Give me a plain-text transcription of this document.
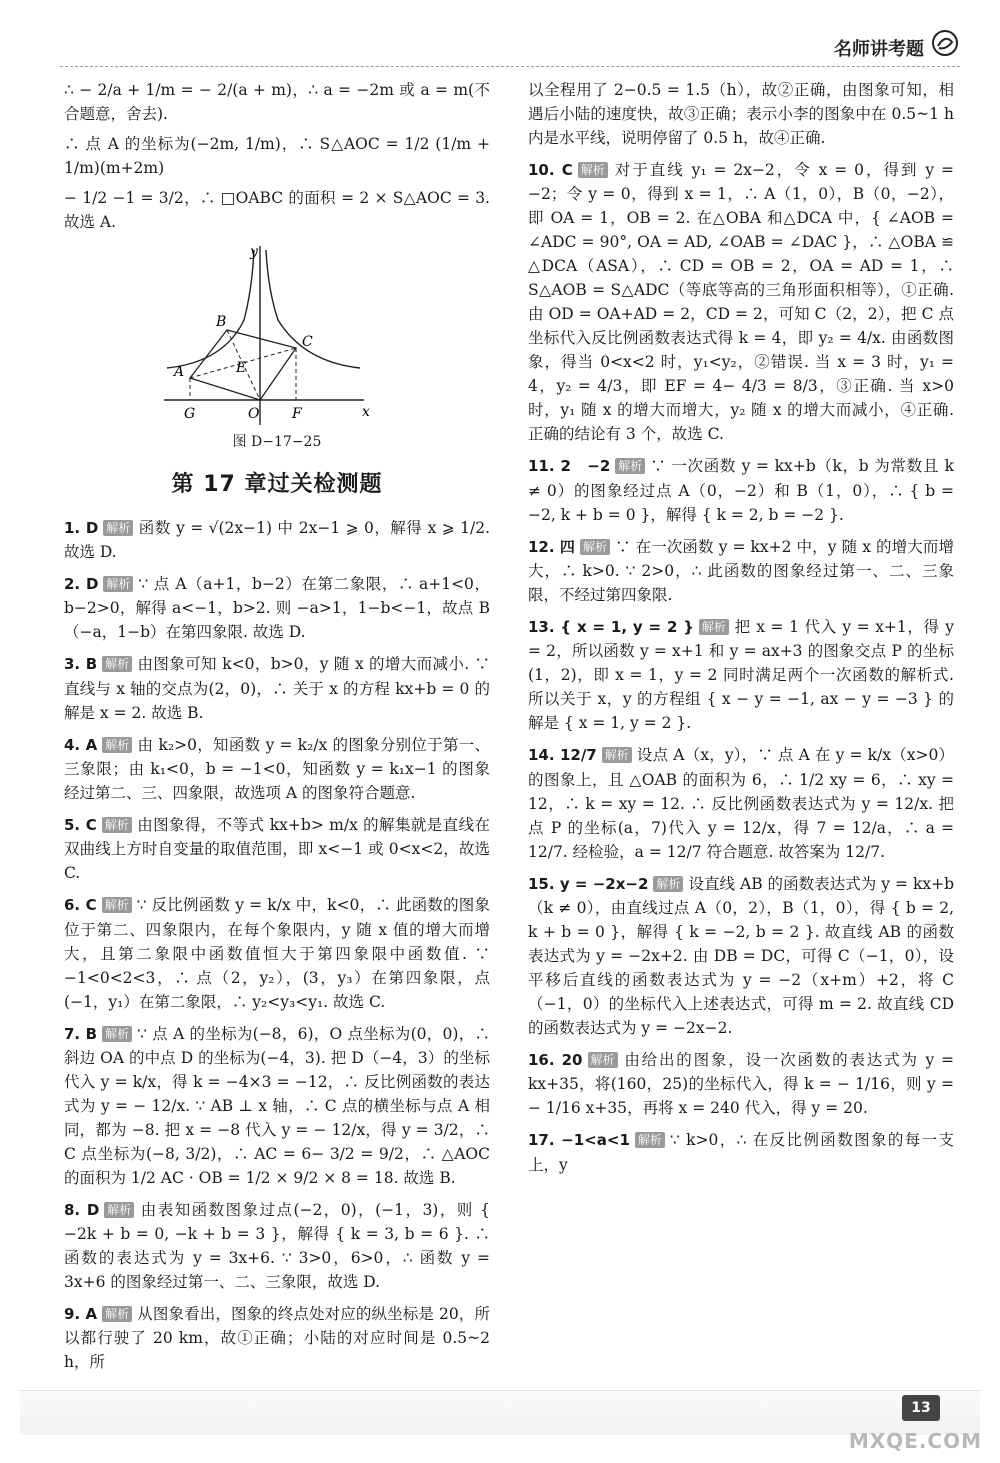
名师讲考题

∴ − 2/a + 1/m = − 2/(a + m)，∴ a = −2m 或 a = m(不合题意，舍去).

∴ 点 A 的坐标为(−2m, 1/m)，∴ S△AOC = 1/2 (1/m + 1/m)(m+2m)

− 1/2 −1 = 3/2，∴ □OABC 的面积 = 2 × S△AOC = 3. 故选 A.

y
x
B
C
A	E
G	O F
图 D−17−25
第 17 章过关检测题

1. D 解析 函数 y = √(2x−1) 中 2x−1 ⩾ 0，解得 x ⩾ 1/2. 故选 D.

2. D 解析 ∵ 点 A（a+1，b−2）在第二象限，∴ a+1<0，b−2>0，解得 a<−1，b>2. 则 −a>1，1−b<−1，故点 B（−a，1−b）在第四象限. 故选 D.

3. B 解析 由图象可知 k<0，b>0，y 随 x 的增大而减小. ∵ 直线与 x 轴的交点为(2，0)，∴ 关于 x 的方程 kx+b = 0 的解是 x = 2. 故选 B.

4. A 解析 由 k₂>0，知函数 y = k₂/x 的图象分别位于第一、三象限；由 k₁<0，b = −1<0，知函数 y = k₁x−1 的图象经过第二、三、四象限，故选项 A 的图象符合题意.

5. C 解析 由图象得，不等式 kx+b> m/x 的解集就是直线在双曲线上方时自变量的取值范围，即 x<−1 或 0<x<2，故选 C.

6. C 解析 ∵ 反比例函数 y = k/x 中，k<0，∴ 此函数的图象位于第二、四象限内，在每个象限内，y 随 x 值的增大而增大，且第二象限中函数值恒大于第四象限中函数值. ∵ −1<0<2<3，∴ 点（2，y₂），(3，y₃）在第四象限，点(−1，y₁）在第二象限，∴ y₂<y₃<y₁. 故选 C.

7. B 解析 ∵ 点 A 的坐标为(−8，6)，O 点坐标为(0，0)，∴ 斜边 OA 的中点 D 的坐标为(−4，3). 把 D（−4，3）的坐标代入 y = k/x，得 k = −4×3 = −12，∴ 反比例函数的表达式为 y = − 12/x. ∵ AB ⊥ x 轴，∴ C 点的横坐标与点 A 相同，都为 −8. 把 x = −8 代入 y = − 12/x，得 y = 3/2，∴ C 点坐标为(−8, 3/2)，∴ AC = 6− 3/2 = 9/2，∴ △AOC 的面积为 1/2 AC · OB = 1/2 × 9/2 × 8 = 18. 故选 B.

8. D 解析 由表知函数图象过点(−2，0)，(−1，3)，则 { −2k + b = 0, −k + b = 3 }，解得 { k = 3, b = 6 }. ∴ 函数的表达式为 y = 3x+6. ∵ 3>0，6>0，∴ 函数 y = 3x+6 的图象经过第一、二、三象限，故选 D.

9. A 解析 从图象看出，图象的终点处对应的纵坐标是 20，所以都行驶了 20 km，故①正确；小陆的对应时间是 0.5~2 h，所

以全程用了 2−0.5 = 1.5（h），故②正确，由图象可知，相遇后小陆的速度快，故③正确；表示小李的图象中在 0.5~1 h 内是水平线，说明停留了 0.5 h，故④正确.

10. C 解析 对于直线 y₁ = 2x−2，令 x = 0，得到 y = −2；令 y = 0，得到 x = 1，∴ A（1，0），B（0，−2），即 OA = 1，OB = 2. 在△OBA 和△DCA 中，{ ∠AOB = ∠ADC = 90°, OA = AD, ∠OAB = ∠DAC }，∴ △OBA ≌ △DCA（ASA），∴ CD = OB = 2，OA = AD = 1，∴ S△AOB = S△ADC（等底等高的三角形面积相等），①正确. 由 OD = OA+AD = 2，CD = 2，可知 C（2，2），把 C 点坐标代入反比例函数表达式得 k = 4，即 y₂ = 4/x. 由函数图象，得当 0<x<2 时，y₁<y₂，②错误. 当 x = 3 时，y₁ = 4，y₂ = 4/3，即 EF = 4− 4/3 = 8/3，③正确. 当 x>0 时，y₁ 随 x 的增大而增大，y₂ 随 x 的增大而减小，④正确. 正确的结论有 3 个，故选 C.

11. 2　−2 解析 ∵ 一次函数 y = kx+b（k，b 为常数且 k ≠ 0）的图象经过点 A（0，−2）和 B（1，0），∴ { b = −2, k + b = 0 }，解得 { k = 2, b = −2 }.

12. 四 解析 ∵ 在一次函数 y = kx+2 中，y 随 x 的增大而增大，∴ k>0. ∵ 2>0，∴ 此函数的图象经过第一、二、三象限，不经过第四象限.

13. { x = 1, y = 2 } 解析 把 x = 1 代入 y = x+1，得 y = 2，所以函数 y = x+1 和 y = ax+3 的图象交点 P 的坐标(1，2)，即 x = 1，y = 2 同时满足两个一次函数的解析式. 所以关于 x，y 的方程组 { x − y = −1, ax − y = −3 } 的解是 { x = 1, y = 2 }.

14. 12/7 解析 设点 A（x，y），∵ 点 A 在 y = k/x（x>0）的图象上，且 △OAB 的面积为 6，∴ 1/2 xy = 6，∴ xy = 12，∴ k = xy = 12. ∴ 反比例函数表达式为 y = 12/x. 把点 P 的坐标(a，7)代入 y = 12/x，得 7 = 12/a，∴ a = 12/7. 经检验，a = 12/7 符合题意. 故答案为 12/7.

15. y = −2x−2 解析 设直线 AB 的函数表达式为 y = kx+b（k ≠ 0），由直线过点 A（0，2），B（1，0），得 { b = 2, k + b = 0 }，解得 { k = −2, b = 2 }. 故直线 AB 的函数表达式为 y = −2x+2. 由 DB = DC，可得 C（−1，0），设平移后直线的函数表达式为 y = −2（x+m）+2，将 C（−1，0）的坐标代入上述表达式，可得 m = 2. 故直线 CD 的函数表达式为 y = −2x−2.

16. 20 解析 由给出的图象，设一次函数的表达式为 y = kx+35，将(160，25)的坐标代入，得 k = − 1/16，则 y = − 1/16 x+35，再将 x = 240 代入，得 y = 20.

17. −1<a<1 解析 ∵ k>0，∴ 在反比例函数图象的每一支上，y

13
MXQE.COM
